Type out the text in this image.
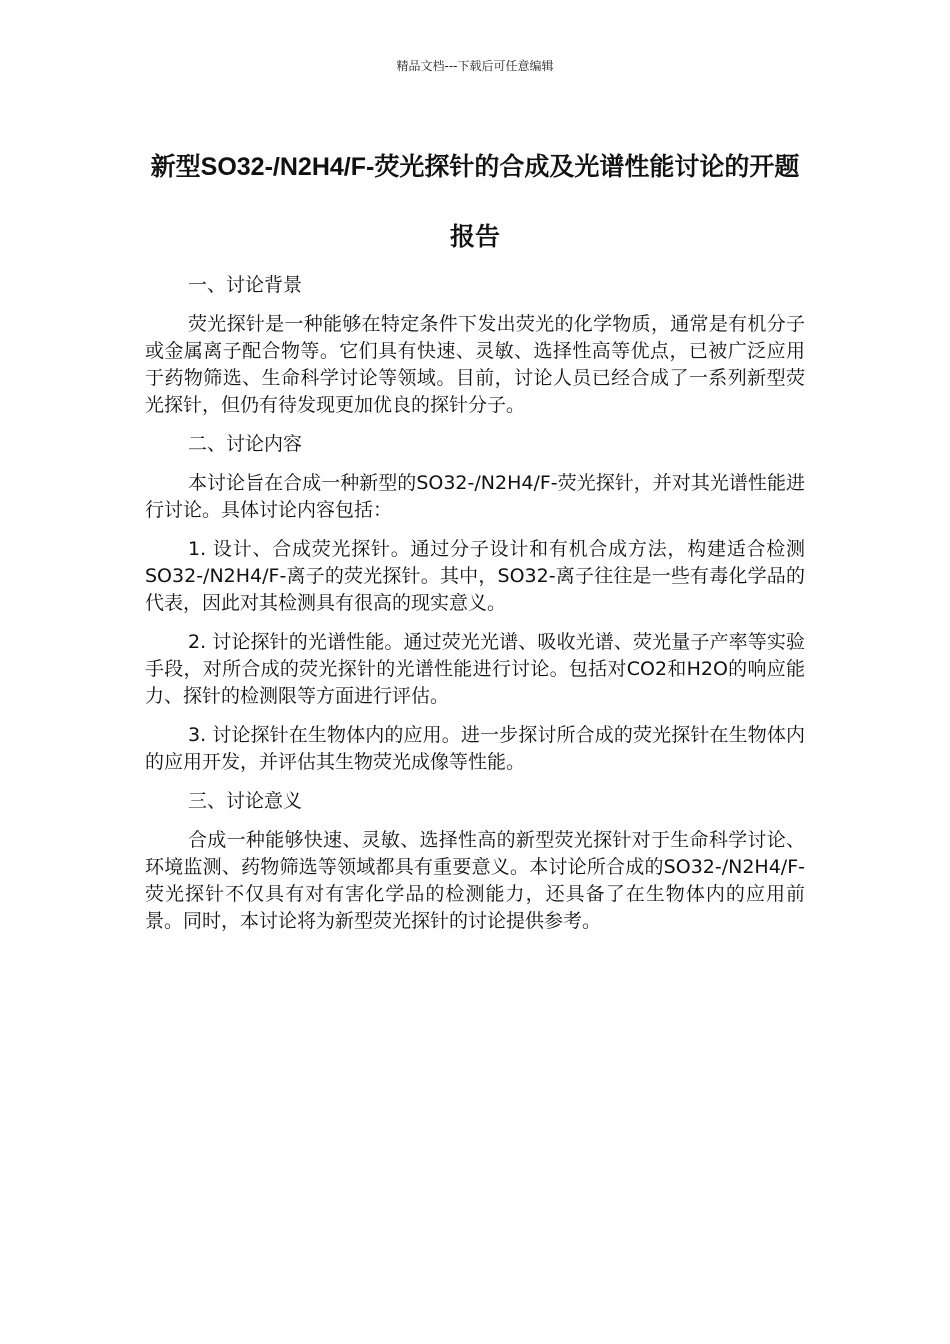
精品文档---下载后可任意编辑
新型SO32-/N2H4/F-荧光探针的合成及光谱性能讨论的开题报告
一、讨论背景

荧光探针是一种能够在特定条件下发出荧光的化学物质，通常是有机分子或金属离子配合物等。它们具有快速、灵敏、选择性高等优点，已被广泛应用于药物筛选、生命科学讨论等领域。目前，讨论人员已经合成了一系列新型荧光探针，但仍有待发现更加优良的探针分子。

二、讨论内容

本讨论旨在合成一种新型的SO32-/N2H4/F-荧光探针，并对其光谱性能进行讨论。具体讨论内容包括：

1. 设计、合成荧光探针。通过分子设计和有机合成方法，构建适合检测SO32-/N2H4/F-离子的荧光探针。其中，SO32-离子往往是一些有毒化学品的代表，因此对其检测具有很高的现实意义。

2. 讨论探针的光谱性能。通过荧光光谱、吸收光谱、荧光量子产率等实验手段，对所合成的荧光探针的光谱性能进行讨论。包括对CO2和H2O的响应能力、探针的检测限等方面进行评估。

3. 讨论探针在生物体内的应用。进一步探讨所合成的荧光探针在生物体内的应用开发，并评估其生物荧光成像等性能。

三、讨论意义

合成一种能够快速、灵敏、选择性高的新型荧光探针对于生命科学讨论、环境监测、药物筛选等领域都具有重要意义。本讨论所合成的SO32-/N2H4/F-荧光探针不仅具有对有害化学品的检测能力，还具备了在生物体内的应用前景。同时，本讨论将为新型荧光探针的讨论提供参考。
